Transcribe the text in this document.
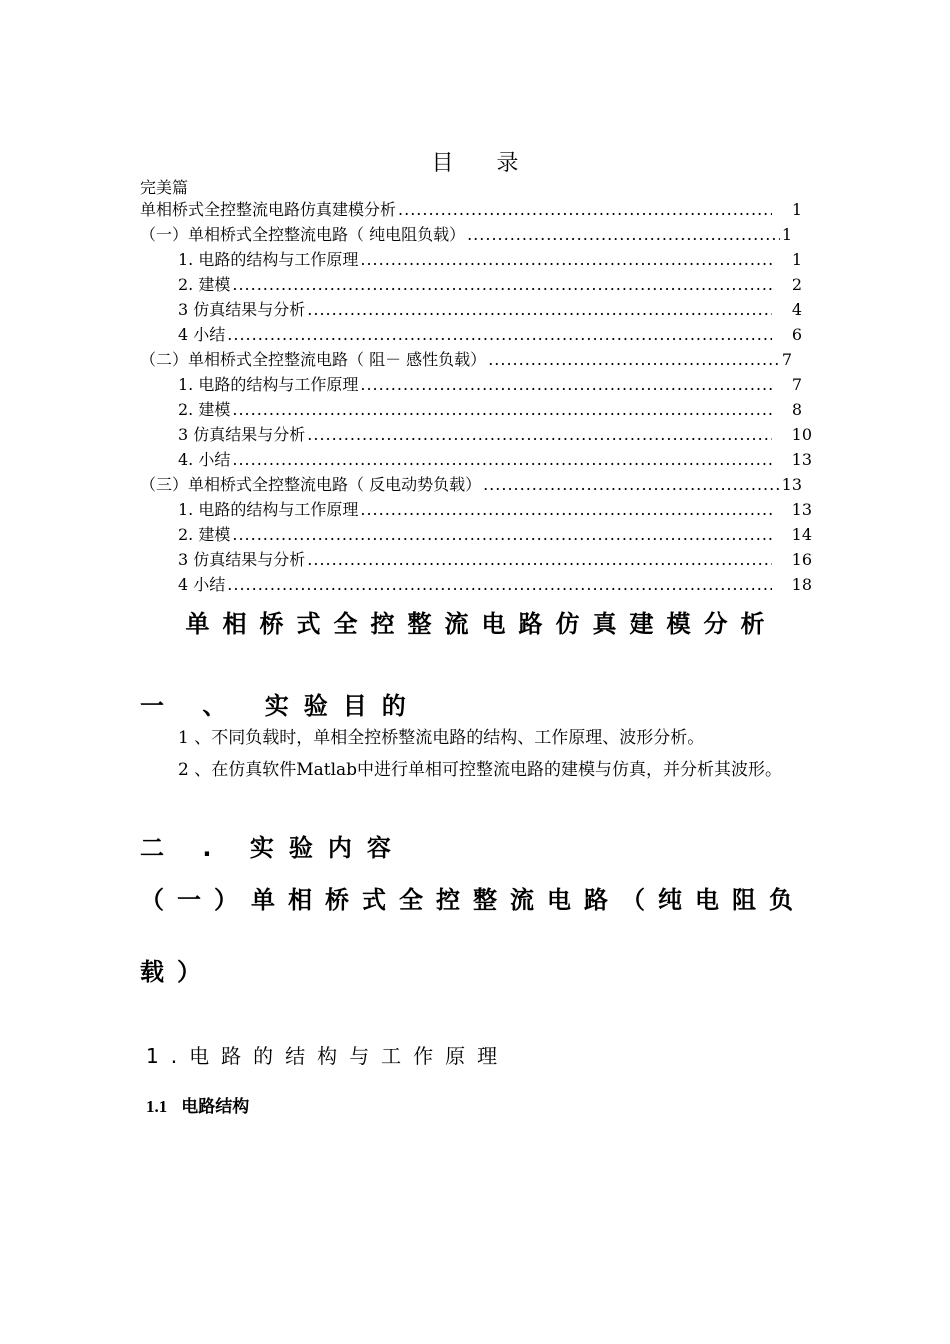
目 录
完美篇
单相桥式全控整流电路仿真建模分析 .....	1
（一）单相桥式全控整流电路（ 纯电阻负载） .....	1
1. 电路的结构与工作原理 .....	1
2. 建模 .....	2
3 仿真结果与分析 .....	4
4 小结 .....	6
（二）单相桥式全控整流电路（ 阻－ 感性负载） .....	7
1. 电路的结构与工作原理 .....	7
2. 建模 .....	8
3 仿真结果与分析 .....	10
4. 小结 .....	13
（三）单相桥式全控整流电路（ 反电动势负载） .....	13
1. 电路的结构与工作原理 .....	13
2. 建模 .....	14
3 仿真结果与分析 .....	16
4 小结 .....	18
单相桥式全控整流电路仿真建模分析
一 、 实验目的
1 、不同负载时，单相全控桥整流电路的结构、工作原理、波形分析。
2 、在仿真软件Matlab中进行单相可控整流电路的建模与仿真，并分析其波形。
二 . 实验内容
（一）单相桥式全控整流电路（纯电阻负载）
1.电路的结构与工作原理
1.1 电路结构
